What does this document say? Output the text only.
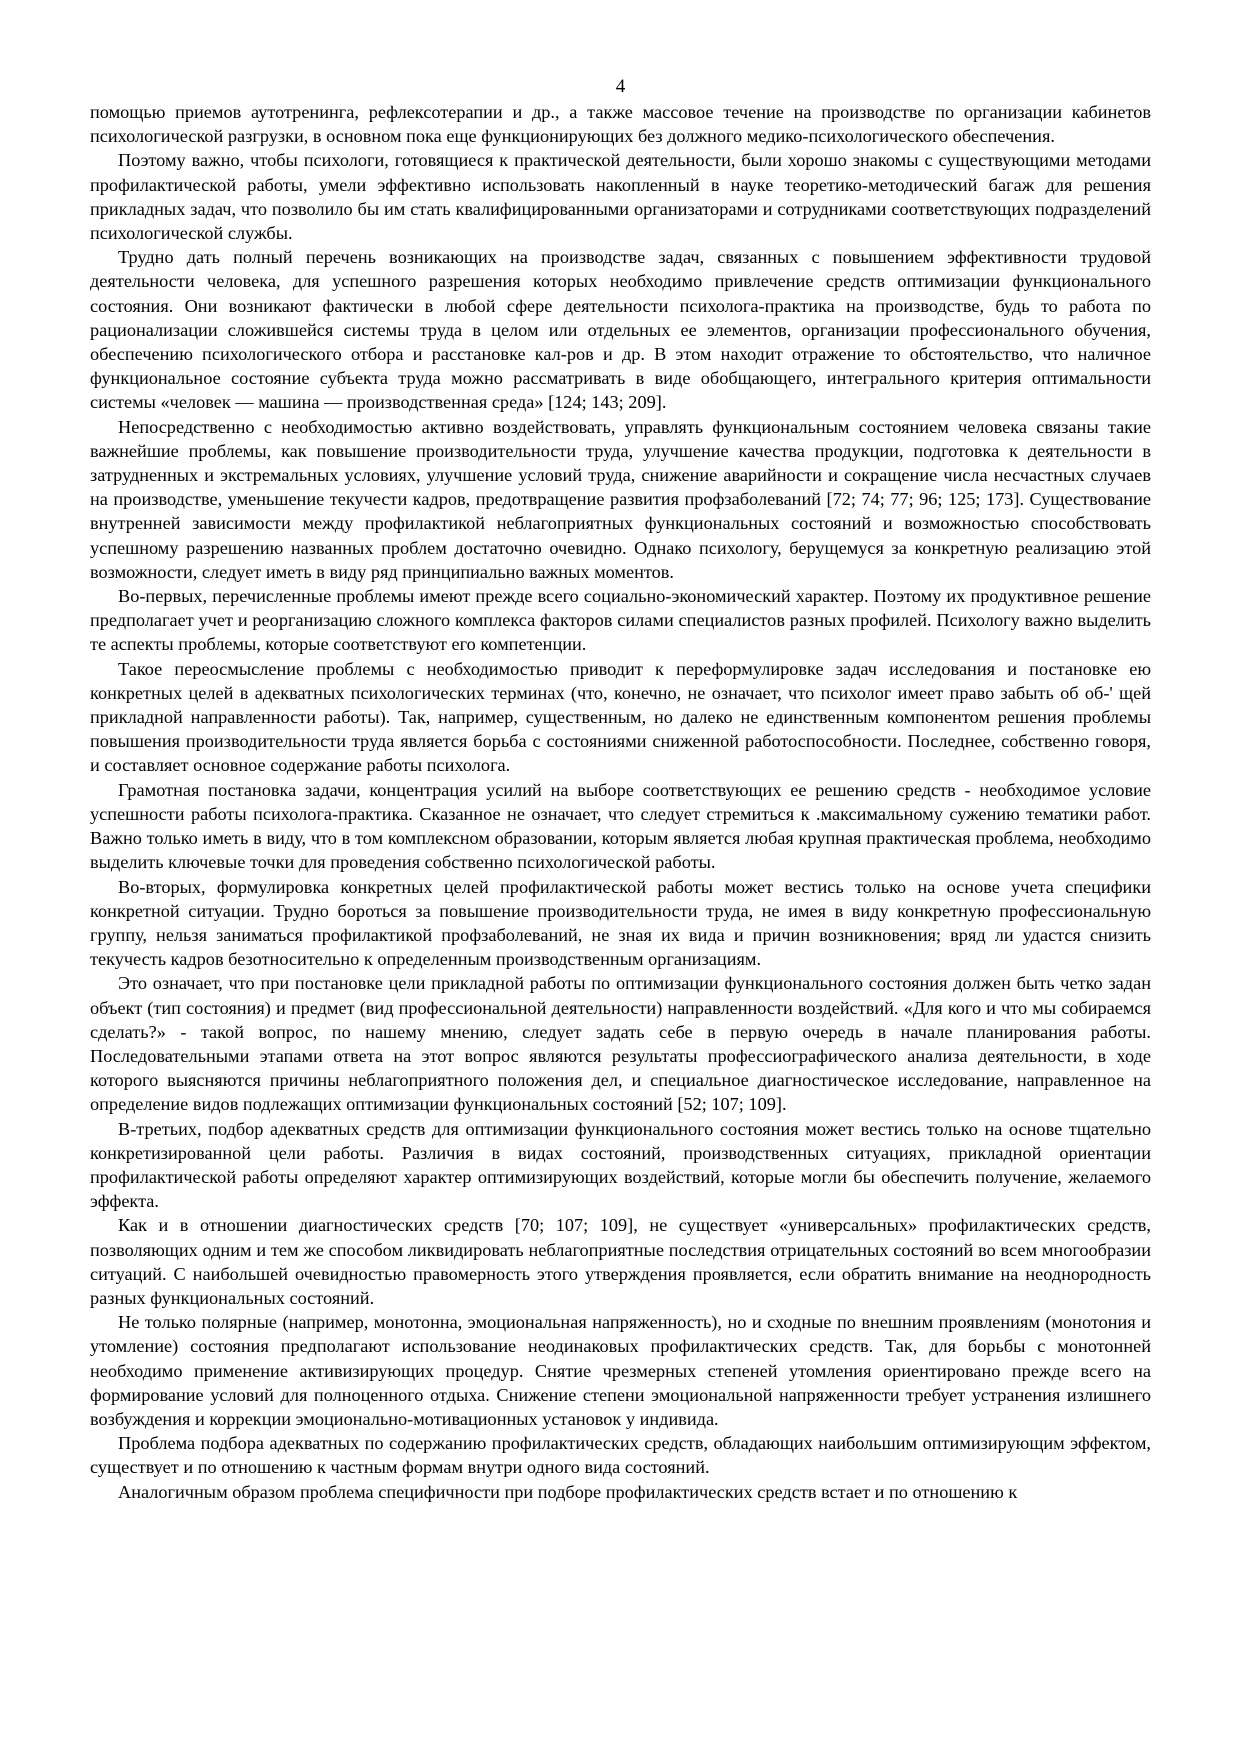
4

помощью приемов аутотренинга, рефлексотерапии и др., а также массовое течение на производстве по организации кабинетов психологической разгрузки, в основном пока еще функционирующих без должного медико-психологического обеспечения.

Поэтому важно, чтобы психологи, готовящиеся к практической деятельности, были хорошо знакомы с существующими методами профилактической работы, умели эффективно использовать накопленный в науке теоретико-методический багаж для решения прикладных задач, что позволило бы им стать квалифицированными организаторами и сотрудниками соответствующих подразделений психологической службы.

Трудно дать полный перечень возникающих на производстве задач, связанных с повышением эффективности трудовой деятельности человека, для успешного разрешения которых необходимо привлечение средств оптимизации функционального состояния. Они возникают фактически в любой сфере деятельности психолога-практика на производстве, будь то работа по рационализации сложившейся системы труда в целом или отдельных ее элементов, организации профессионального обучения, обеспечению психологического отбора и расстановке кал-ров и др. В этом находит отражение то обстоятельство, что наличное функциональное состояние субъекта труда можно рассматривать в виде обобщающего, интегрального критерия оптимальности системы «человек — машина — производственная среда» [124; 143; 209].

Непосредственно с необходимостью активно воздействовать, управлять функциональным состоянием человека связаны такие важнейшие проблемы, как повышение производительности труда, улучшение качества продукции, подготовка к деятельности в затрудненных и экстремальных условиях, улучшение условий труда, снижение аварийности и сокращение числа несчастных случаев на производстве, уменьшение текучести кадров, предотвращение развития профзаболеваний [72; 74; 77; 96; 125; 173]. Существование внутренней зависимости между профилактикой неблагоприятных функциональных состояний и возможностью способствовать успешному разрешению названных проблем достаточно очевидно. Однако психологу, берущемуся за конкретную реализацию этой возможности, следует иметь в виду ряд принципиально важных моментов.

Во-первых, перечисленные проблемы имеют прежде всего социально-экономический характер. Поэтому их продуктивное решение предполагает учет и реорганизацию сложного комплекса факторов силами специалистов разных профилей. Психологу важно выделить те аспекты проблемы, которые соответствуют его компетенции.

Такое переосмысление проблемы с необходимостью приводит к переформулировке задач исследования и постановке ею конкретных целей в адекватных психологических терминах (что, конечно, не означает, что психолог имеет право забыть об об-' щей прикладной направленности работы). Так, например, существенным, но далеко не единственным компонентом решения проблемы повышения производительности труда является борьба с состояниями сниженной работоспособности. Последнее, собственно говоря, и составляет основное содержание работы психолога.

Грамотная постановка задачи, концентрация усилий на выборе соответствующих ее решению средств - необходимое условие успешности работы психолога-практика. Сказанное не означает, что следует стремиться к .максимальному сужению тематики работ. Важно только иметь в виду, что в том комплексном образовании, которым является любая крупная практическая проблема, необходимо выделить ключевые точки для проведения собственно психологической работы.

Во-вторых, формулировка конкретных целей профилактической работы может вестись только на основе учета специфики конкретной ситуации. Трудно бороться за повышение производительности труда, не имея в виду конкретную профессиональную группу, нельзя заниматься профилактикой профзаболеваний, не зная их вида и причин возникновения; вряд ли удастся снизить текучесть кадров безотносительно к определенным производственным организациям.

Это означает, что при постановке цели прикладной работы по оптимизации функционального состояния должен быть четко задан объект (тип состояния) и предмет (вид профессиональной деятельности) направленности воздействий. «Для кого и что мы собираемся сделать?» - такой вопрос, по нашему мнению, следует задать себе в первую очередь в начале планирования работы. Последовательными этапами ответа на этот вопрос являются результаты профессиографического анализа деятельности, в ходе которого выясняются причины неблагоприятного положения дел, и специальное диагностическое исследование, направленное на определение видов подлежащих оптимизации функциональных состояний [52; 107; 109].

В-третьих, подбор адекватных средств для оптимизации функционального состояния может вестись только на основе тщательно конкретизированной цели работы. Различия в видах состояний, производственных ситуациях, прикладной ориентации профилактической работы определяют характер оптимизирующих воздействий, которые могли бы обеспечить получение, желаемого эффекта.

Как и в отношении диагностических средств [70; 107; 109], не существует «универсальных» профилактических средств, позволяющих одним и тем же способом ликвидировать неблагоприятные последствия отрицательных состояний во всем многообразии ситуаций. С наибольшей очевидностью правомерность этого утверждения проявляется, если обратить внимание на неоднородность разных функциональных состояний.

Не только полярные (например, монотонна, эмоциональная напряженность), но и сходные по внешним проявлениям (монотония и утомление) состояния предполагают использование неодинаковых профилактических средств. Так, для борьбы с монотонней необходимо применение активизирующих процедур. Снятие чрезмерных степеней утомления ориентировано прежде всего на формирование условий для полноценного отдыха. Снижение степени эмоциональной напряженности требует устранения излишнего возбуждения и коррекции эмоционально-мотивационных установок у индивида.

Проблема подбора адекватных по содержанию профилактических средств, обладающих наибольшим оптимизирующим эффектом, существует и по отношению к частным формам внутри одного вида состояний.

Аналогичным образом проблема специфичности при подборе профилактических средств встает и по отношению к
